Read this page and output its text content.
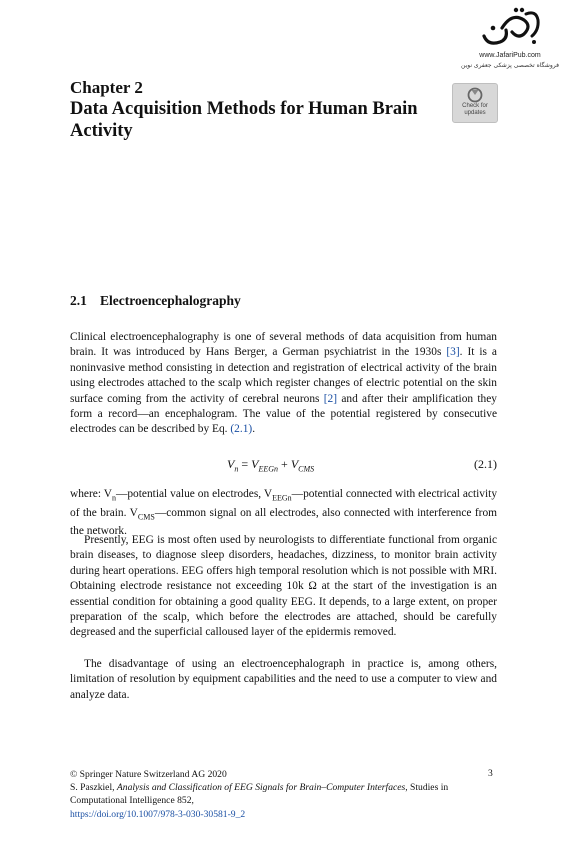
www.JafariPub.com
فروشگاه تخصصی پزشکی جعفری نوین
Chapter 2
Data Acquisition Methods for Human Brain Activity
Check for
updates
2.1 Electroencephalography
Clinical electroencephalography is one of several methods of data acquisition from human brain. It was introduced by Hans Berger, a German psychiatrist in the 1930s [3]. It is a noninvasive method consisting in detection and registration of electrical activity of the brain using electrodes attached to the scalp which register changes of electric potential on the skin surface coming from the activity of cerebral neurons [2] and after their amplification they form a record—an encephalogram. The value of the potential registered by consecutive electrodes can be described by Eq. (2.1).
$V_n = V_{EEGn} + V_{CMS}$	(2.1)
where: $V_n—potential$ value on electrodes, $V_{EEGn}—potential$ connected with electrical activity of the brain. $V_{CMS}—common$ signal on all electrodes, also connected with interference from the network.
Presently, EEG is most often used by neurologists to differentiate functional from organic brain diseases, to diagnose sleep disorders, headaches, dizziness, to monitor brain activity during heart operations. EEG offers high temporal resolution which is not possible with MRI. Obtaining electrode resistance not exceeding 10k Ω at the start of the investigation is an essential condition for obtaining a good quality EEG. It depends, to a large extent, on proper preparation of the scalp, which before the electrodes are attached, should be carefully degreased and the superficial calloused layer of the epidermis removed.
The disadvantage of using an electroencephalograph in practice is, among others, limitation of resolution by equipment capabilities and the need to use a computer to view and analyze data.
© Springer Nature Switzerland AG 2020
S. Paszkiel, Analysis and Classification of EEG Signals for Brain–Computer Interfaces, Studies in Computational Intelligence 852,
https://doi.org/10.1007/978-3-030-30581-9_2
3
